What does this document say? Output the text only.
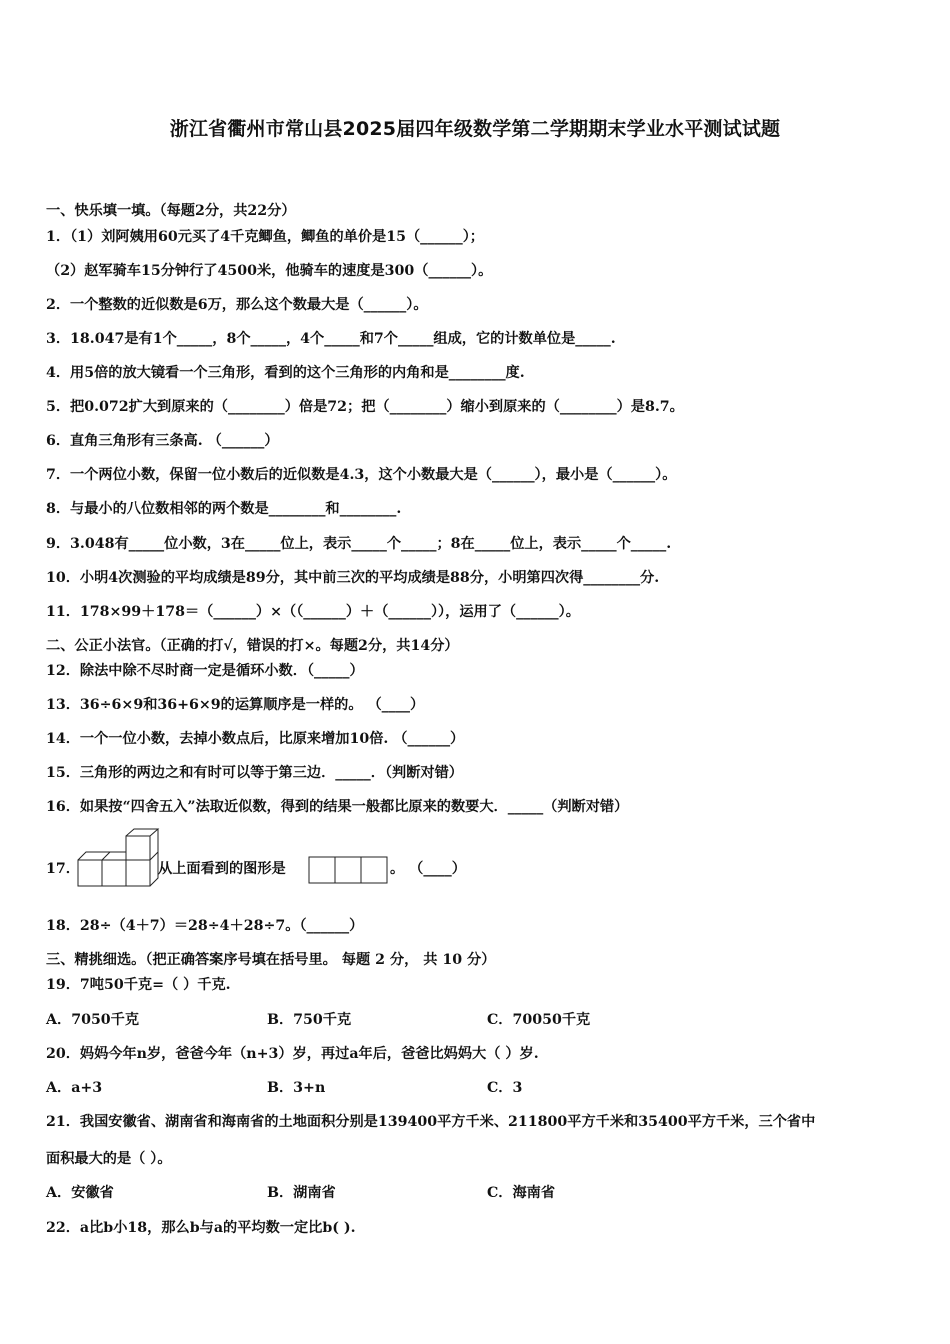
浙江省衢州市常山县2025届四年级数学第二学期期末学业水平测试试题
一、快乐填一填。（每题2分，共22分）
1．（1）刘阿姨用60元买了4千克鲫鱼，鲫鱼的单价是15（______）；
（2）赵军骑车15分钟行了4500米，他骑车的速度是300（______）。
2．一个整数的近似数是6万，那么这个数最大是（______）。
3．18.047是有1个_____，8个_____，4个_____和7个_____组成，它的计数单位是_____.
4．用5倍的放大镜看一个三角形，看到的这个三角形的内角和是________度.
5．把0.072扩大到原来的（________）倍是72；把（________）缩小到原来的（________）是8.7。
6．直角三角形有三条高. （______）
7．一个两位小数，保留一位小数后的近似数是4.3，这个小数最大是（______），最小是（______）。
8．与最小的八位数相邻的两个数是________和________.
9．3.048有_____位小数，3在_____位上，表示_____个_____；8在_____位上，表示_____个_____.
10．小明4次测验的平均成绩是89分，其中前三次的平均成绩是88分，小明第四次得________分.
11．178×99＋178＝（______）×（（______）＋（______）），运用了（______）。
二、公正小法官。（正确的打√，错误的打×。每题2分，共14分）
12．除法中除不尽时商一定是循环小数．（_____）
13．36÷6×9和36+6×9的运算顺序是一样的。 （____）
14．一个一位小数，去掉小数点后，比原来增加10倍. （______）
15．三角形的两边之和有时可以等于第三边．_____．（判断对错）
16．如果按“四舍五入”法取近似数，得到的结果一般都比原来的数要大．_____（判断对错）
17．	从上面看到的图形是	。 （____）
18．28÷（4＋7）＝28÷4＋28÷7。（______）
三、精挑细选。（把正确答案序号填在括号里。 每题 2 分， 共 10 分）
19．7吨50千克=（ ）千克.
A．7050千克	B．750千克	C．70050千克
20．妈妈今年n岁，爸爸今年（n+3）岁，再过a年后，爸爸比妈妈大（ ）岁.
A．a+3	B．3+n	C．3
21．我国安徽省、湖南省和海南省的土地面积分别是139400平方千米、211800平方千米和35400平方千米，三个省中
面积最大的是（ ）。
A．安徽省	B．湖南省	C．海南省
22．a比b小18，那么b与a的平均数一定比b( ).
